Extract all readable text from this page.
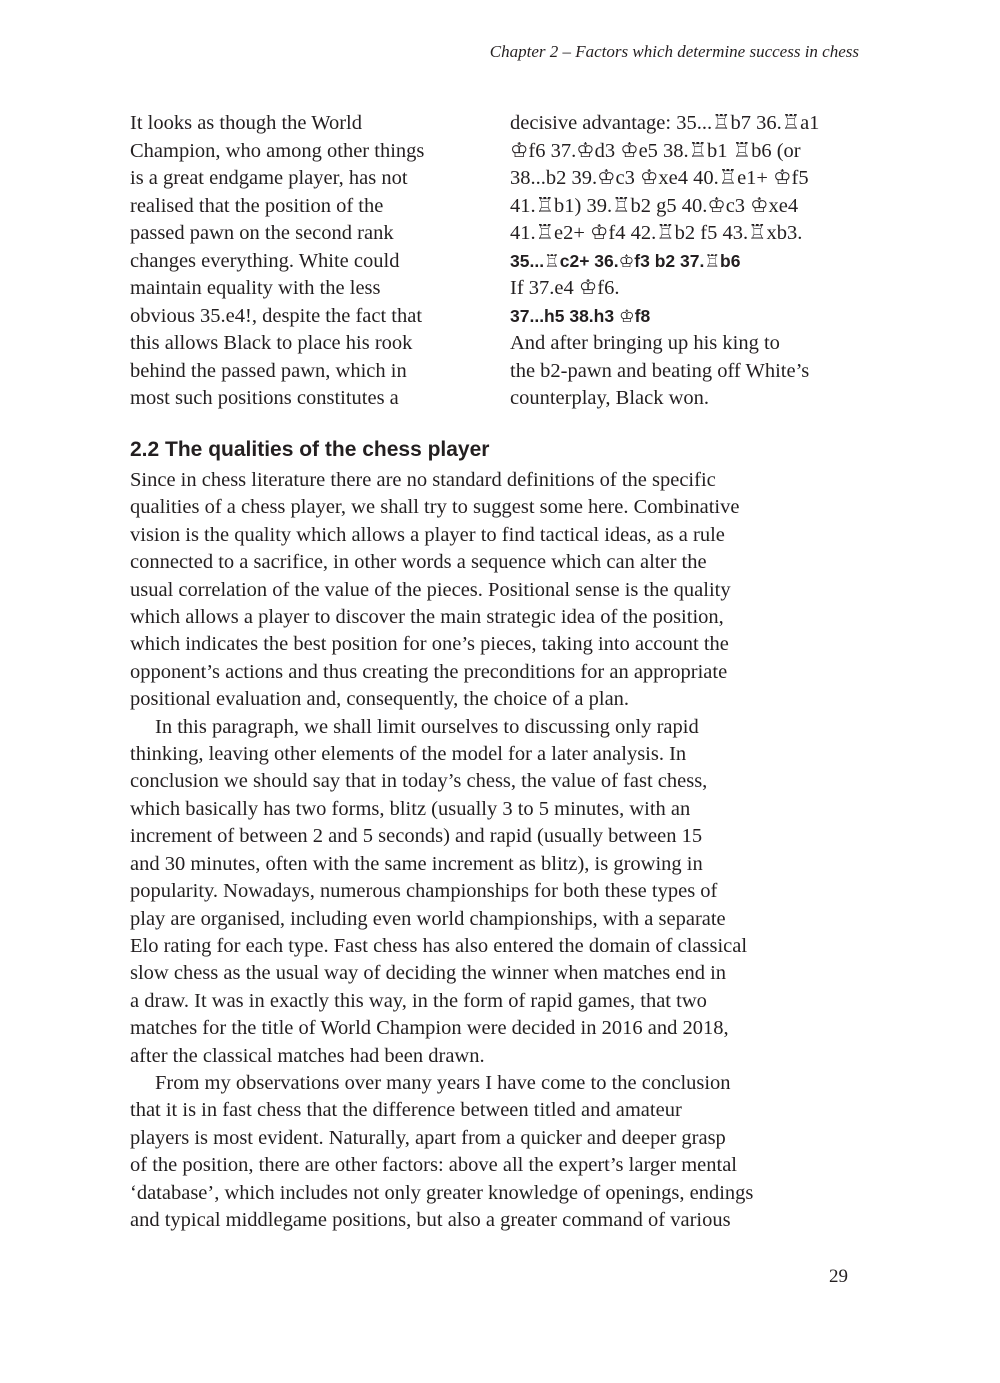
Chapter 2 – Factors which determine success in chess
It looks as though the World
Champion, who among other things
is a great endgame player, has not
realised that the position of the
passed pawn on the second rank
changes everything. White could
maintain equality with the less
obvious 35.e4!, despite the fact that
this allows Black to place his rook
behind the passed pawn, which in
most such positions constitutes a
decisive advantage: 35...♖b7 36.♖a1
♔f6 37.♔d3 ♔e5 38.♖b1 ♖b6 (or
38...b2 39.♔c3 ♔xe4 40.♖e1+ ♔f5
41.♖b1) 39.♖b2 g5 40.♔c3 ♔xe4
41.♖e2+ ♔f4 42.♖b2 f5 43.♖xb3.
35...♖c2+ 36.♔f3 b2 37.♖b6
If 37.e4 ♔f6.
37...h5 38.h3 ♔f8
And after bringing up his king to
the b2-pawn and beating off White’s
counterplay, Black won.
2.2 The qualities of the chess player

Since in chess literature there are no standard definitions of the specific
qualities of a chess player, we shall try to suggest some here. Combinative
vision is the quality which allows a player to find tactical ideas, as a rule
connected to a sacrifice, in other words a sequence which can alter the
usual correlation of the value of the pieces. Positional sense is the quality
which allows a player to discover the main strategic idea of the position,
which indicates the best position for one’s pieces, taking into account the
opponent’s actions and thus creating the preconditions for an appropriate
positional evaluation and, consequently, the choice of a plan.

In this paragraph, we shall limit ourselves to discussing only rapid
thinking, leaving other elements of the model for a later analysis. In
conclusion we should say that in today’s chess, the value of fast chess,
which basically has two forms, blitz (usually 3 to 5 minutes, with an
increment of between 2 and 5 seconds) and rapid (usually between 15
and 30 minutes, often with the same increment as blitz), is growing in
popularity. Nowadays, numerous championships for both these types of
play are organised, including even world championships, with a separate
Elo rating for each type. Fast chess has also entered the domain of classical
slow chess as the usual way of deciding the winner when matches end in
a draw. It was in exactly this way, in the form of rapid games, that two
matches for the title of World Champion were decided in 2016 and 2018,
after the classical matches had been drawn.

From my observations over many years I have come to the conclusion
that it is in fast chess that the difference between titled and amateur
players is most evident. Naturally, apart from a quicker and deeper grasp
of the position, there are other factors: above all the expert’s larger mental
‘database’, which includes not only greater knowledge of openings, endings
and typical middlegame positions, but also a greater command of various

29
